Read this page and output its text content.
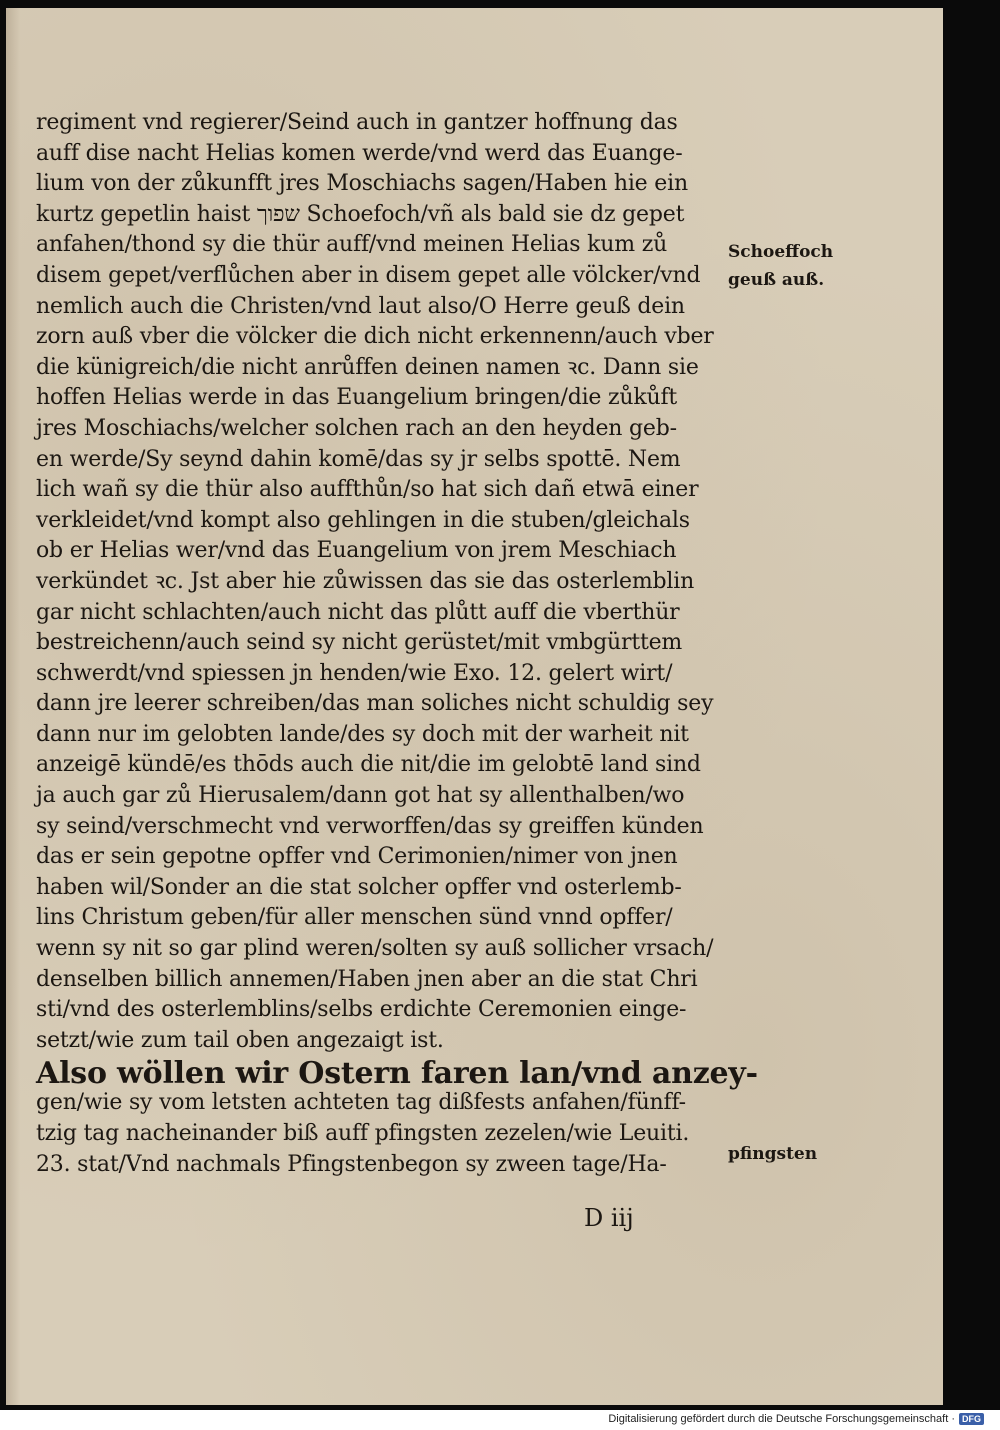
regiment vnd regierer/Seind auch in gantzer hoffnung das
auff dise nacht Helias komen werde/vnd werd das Euange-
lium von der zůkunfft jres Moschiachs sagen/Haben hie ein
kurtz gepetlin haist שפוך Schoefoch/vñ als bald sie dz gepet
anfahen/thond sy die thür auff/vnd meinen Helias kum zů
disem gepet/verflůchen aber in disem gepet alle völcker/vnd
nemlich auch die Christen/vnd laut also/O Herre geuß dein
zorn auß vber die völcker die dich nicht erkennenn/auch vber
die künigreich/die nicht anrůffen deinen namen ꝛc. Dann sie
hoffen Helias werde in das Euangelium bringen/die zůkůft
jres Moschiachs/welcher solchen rach an den heyden geb-
en werde/Sy seynd dahin komē/das sy jr selbs spottē. Nem
lich wañ sy die thür also auffthůn/so hat sich dañ etwā einer
verkleidet/vnd kompt also gehlingen in die stuben/gleichals
ob er Helias wer/vnd das Euangelium von jrem Meschiach
verkündet ꝛc. Jst aber hie zůwissen das sie das osterlemblin
gar nicht schlachten/auch nicht das plůtt auff die vberthür
bestreichenn/auch seind sy nicht gerüstet/mit vmbgürttem
schwerdt/vnd spiessen jn henden/wie Exo. 12. gelert wirt/
dann jre leerer schreiben/das man soliches nicht schuldig sey
dann nur im gelobten lande/des sy doch mit der warheit nit
anzeigē kündē/es thōds auch die nit/die im gelobtē land sind
ja auch gar zů Hierusalem/dann got hat sy allenthalben/wo
sy seind/verschmecht vnd verworffen/das sy greiffen künden
das er sein gepotne opffer vnd Cerimonien/nimer von jnen
haben wil/Sonder an die stat solcher opffer vnd osterlemb-
lins Christum geben/für aller menschen sünd vnnd opffer/
wenn sy nit so gar plind weren/solten sy auß sollicher vrsach/
denselben billich annemen/Haben jnen aber an die stat Chri
sti/vnd des osterlemblins/selbs erdichte Ceremonien einge-
setzt/wie zum tail oben angezaigt ist.
Also wöllen wir Ostern faren lan/vnd anzey-
gen/wie sy vom letsten achteten tag dißfests anfahen/fünff-
tzig tag nacheinander biß auff pfingsten zezelen/wie Leuiti.
23. stat/Vnd nachmals Pfingstenbegon sy zween tage/Ha-
Schoeffoch
geuß auß.
pfingsten
D iij
Digitalisierung gefördert durch die Deutsche Forschungsgemeinschaft · DFG
